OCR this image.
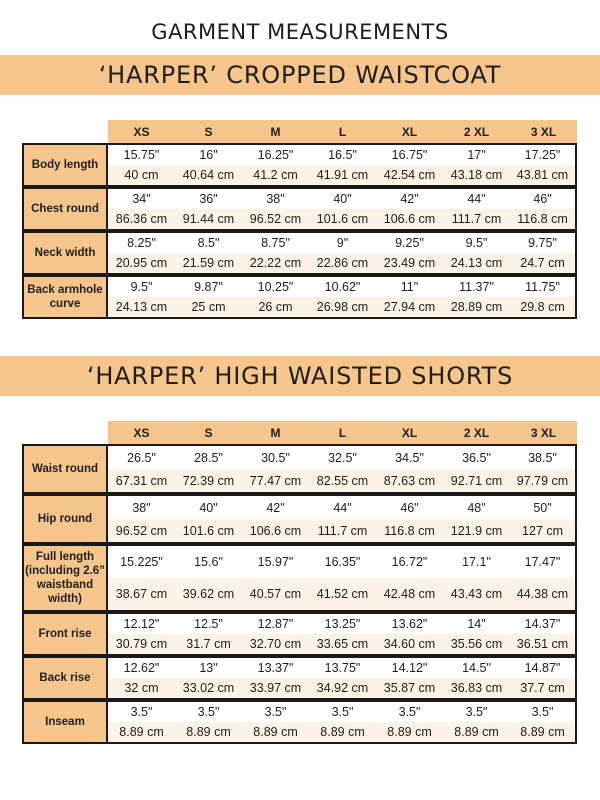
GARMENT MEASUREMENTS
‘HARPER’ CROPPED WAISTCOAT
	XS	S	M	L	XL	2 XL	3 XL
Body length	15.75"	16"	16.25"	16.5"	16.75"	17"	17.25"
	40 cm	40.64 cm	41.2 cm	41.91 cm	42.54 cm	43.18 cm	43.81 cm
Chest round	34"	36"	38"	40"	42"	44"	46"
	86.36 cm	91.44 cm	96.52 cm	101.6 cm	106.6 cm	111.7 cm	116.8 cm
Neck width	8.25"	8.5"	8.75"	9"	9.25"	9.5"	9.75"
	20.95 cm	21.59 cm	22.22 cm	22.86 cm	23.49 cm	24.13 cm	24.7 cm
Back armhole curve	9.5"	9.87"	10.25"	10.62"	11"	11.37"	11.75"
	24.13 cm	25 cm	26 cm	26.98 cm	27.94 cm	28.89 cm	29.8 cm
‘HARPER’ HIGH WAISTED SHORTS
	XS	S	M	L	XL	2 XL	3 XL
Waist round	26.5"	28.5"	30.5"	32.5"	34.5"	36.5"	38.5"
	67.31 cm	72.39 cm	77.47 cm	82.55 cm	87.63 cm	92.71 cm	97.79 cm
Hip round	38"	40"	42"	44"	46"	48"	50"
	96.52 cm	101.6 cm	106.6 cm	111.7 cm	116.8 cm	121.9 cm	127 cm
Full length (including 2.6” waistband width)	15.225"	15.6"	15.97"	16.35"	16.72"	17.1"	17.47"
	38.67 cm	39.62 cm	40.57 cm	41.52 cm	42.48 cm	43.43 cm	44.38 cm
Front rise	12.12"	12.5"	12.87"	13.25"	13.62"	14"	14.37"
	30.79 cm	31.7 cm	32.70 cm	33.65 cm	34.60 cm	35.56 cm	36.51 cm
Back rise	12.62"	13"	13.37"	13.75"	14.12"	14.5"	14.87"
	32 cm	33.02 cm	33.97 cm	34.92 cm	35.87 cm	36.83 cm	37.7 cm
Inseam	3.5"	3.5"	3.5"	3.5"	3.5"	3.5"	3.5"
	8.89 cm	8.89 cm	8.89 cm	8.89 cm	8.89 cm	8.89 cm	8.89 cm
